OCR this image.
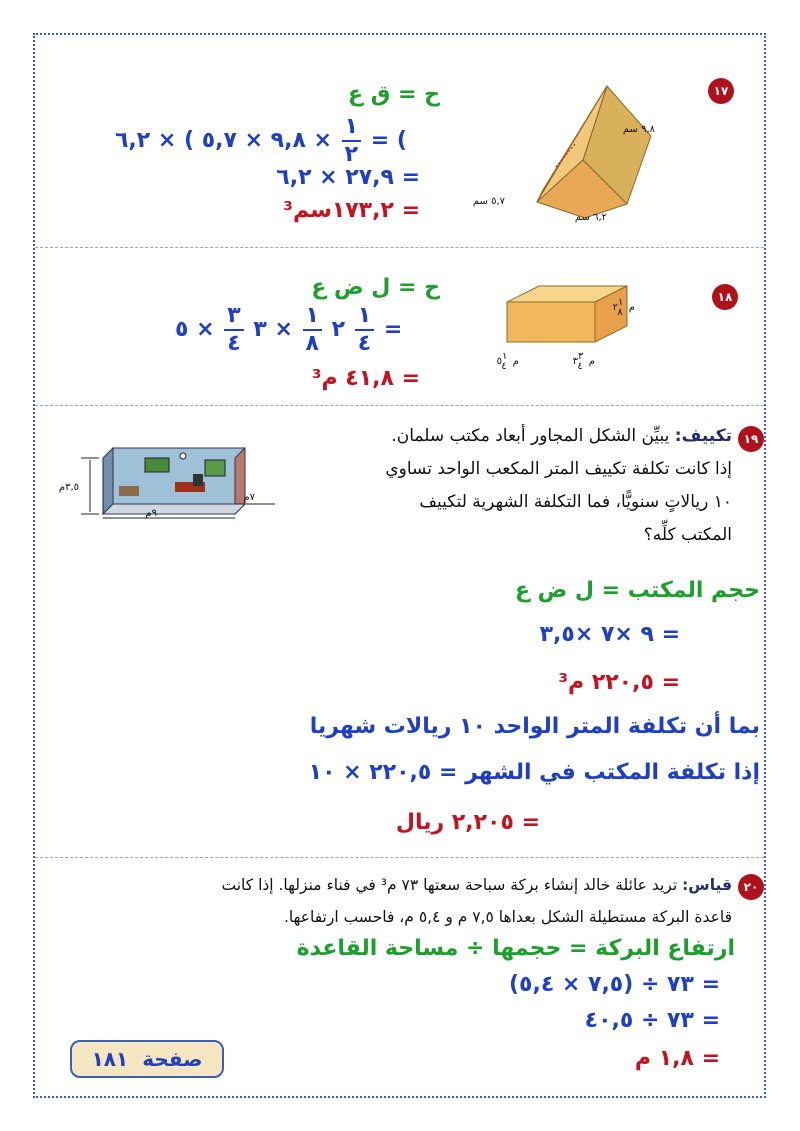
١٧
٩,٨ سم
٥,٧ سم
٦,٢ سم
ح = ق ع
× ٩,٨ × ٥,٧ ) × ٦,٢ $\frac{١}{٢}$ = (
= ٢٧,٩ × ٦,٢
= ١٧٣,٢سم³
١٨
م٢١ ٨
م٥١ ٤	م٣٣ ٤
ح = ل ض ع
٢
$\frac{١}{٨}$
× ٣
$\frac{٣}{٤}$
× ٥	$\frac{١}{٤}$ =
= ٤١,٨ م³
١٩
تكييف: يبيِّن الشكل المجاور أبعاد مكتب سلمان.
إذا كانت تكلفة تكييف المتر المكعب الواحد تساوي
١٠ ريالاتٍ سنويًّا، فما التكلفة الشهرية لتكييف
المكتب كلِّه؟
٣,٥م
٩م
٧م
حجم المكتب = ل ض ع
= ٩ ×٧ ×٣,٥
= ٢٢٠,٥ م³
بما أن تكلفة المتر الواحد ١٠ ريالات شهريا
إذا تكلفة المكتب في الشهر = ٢٢٠,٥ × ١٠
= ٢,٢٠٥ ريال
٢٠
قياس: تريد عائلة خالد إنشاء بركة سباحة سعتها ٧٣ م³ في فناء منزلها. إذا كانت
قاعدة البركة مستطيلة الشكل بعداها ٧,٥ م و ٥,٤ م، فاحسب ارتفاعها.
ارتفاع البركة = حجمها ÷ مساحة القاعدة
= ٧٣ ÷ (٧,٥ × ٥,٤)
= ٧٣ ÷ ٤٠,٥
= ١,٨ م
صفحة
١٨١
